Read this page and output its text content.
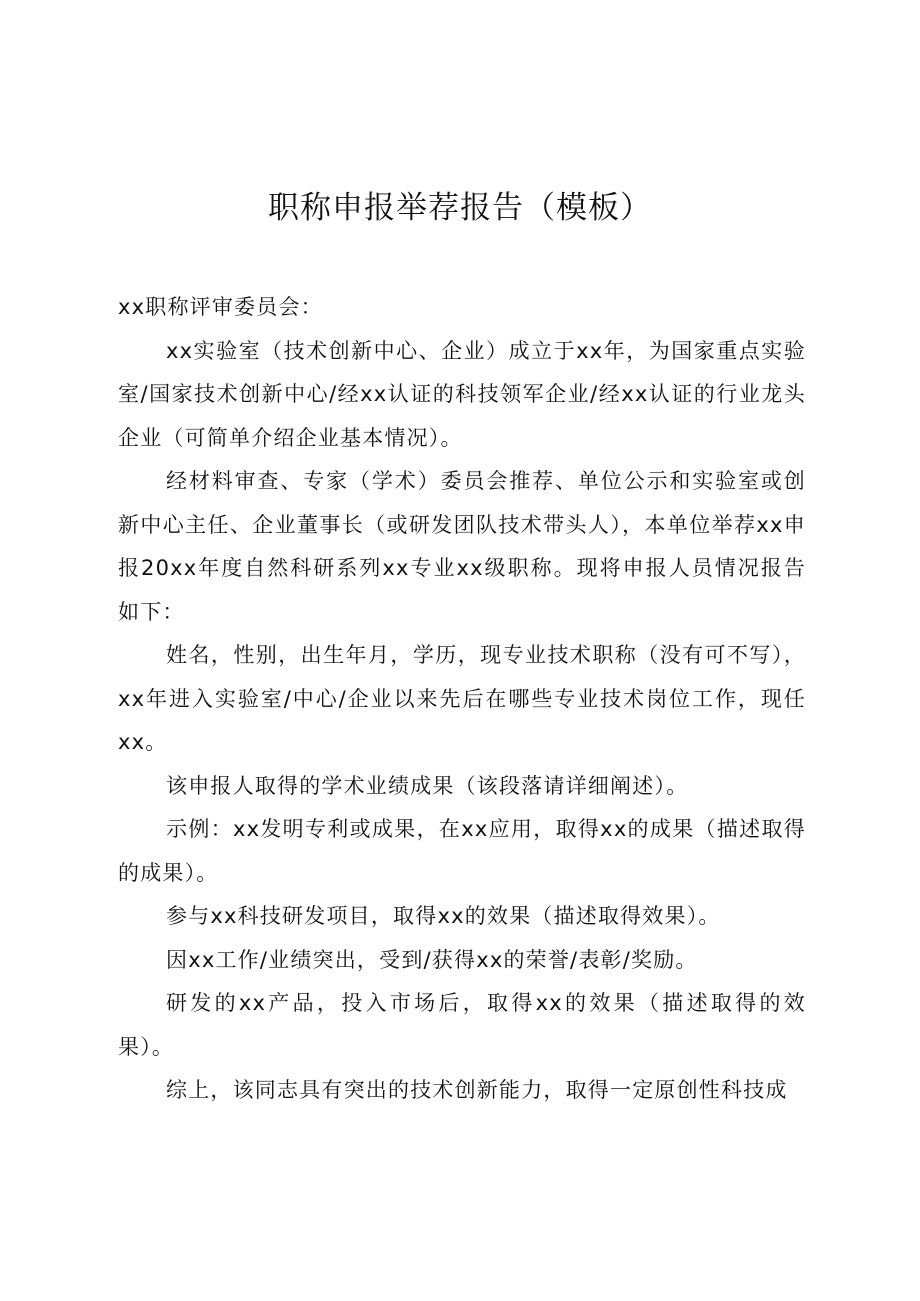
职称申报举荐报告（模板）

xx职称评审委员会：

xx实验室（技术创新中心、企业）成立于xx年，为国家重点实验室/国家技术创新中心/经xx认证的科技领军企业/经xx认证的行业龙头企业（可简单介绍企业基本情况）。

经材料审查、专家（学术）委员会推荐、单位公示和实验室或创新中心主任、企业董事长（或研发团队技术带头人），本单位举荐xx申报20xx年度自然科研系列xx专业xx级职称。现将申报人员情况报告如下：

姓名，性别，出生年月，学历，现专业技术职称（没有可不写），xx年进入实验室/中心/企业以来先后在哪些专业技术岗位工作，现任xx。

该申报人取得的学术业绩成果（该段落请详细阐述）。

示例：xx发明专利或成果，在xx应用，取得xx的成果（描述取得的成果）。

参与xx科技研发项目，取得xx的效果（描述取得效果）。

因xx工作/业绩突出，受到/获得xx的荣誉/表彰/奖励。

研发的xx产品，投入市场后，取得xx的效果（描述取得的效果）。

综上，该同志具有突出的技术创新能力，取得一定原创性科技成
